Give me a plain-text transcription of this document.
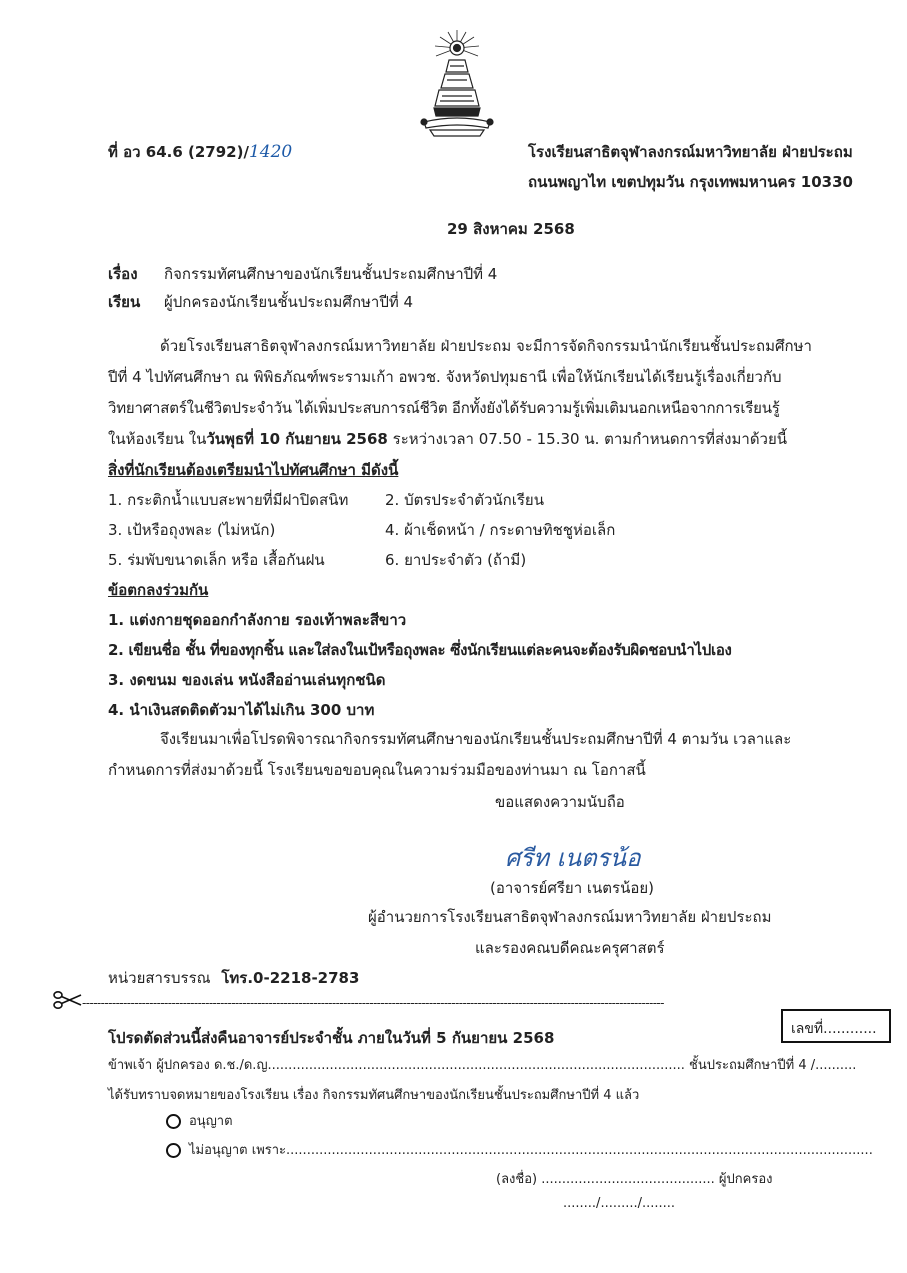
ที่ อว 64.6 (2792)/1420	โรงเรียนสาธิตจุฬาลงกรณ์มหาวิทยาลัย ฝ่ายประถม
ถนนพญาไท เขตปทุมวัน กรุงเทพมหานคร 10330
29 สิงหาคม 2568
เรื่อง กิจกรรมทัศนศึกษาของนักเรียนชั้นประถมศึกษาปีที่ 4
เรียน ผู้ปกครองนักเรียนชั้นประถมศึกษาปีที่ 4
ด้วยโรงเรียนสาธิตจุฬาลงกรณ์มหาวิทยาลัย ฝ่ายประถม จะมีการจัดกิจกรรมนำนักเรียนชั้นประถมศึกษา
ปีที่ 4 ไปทัศนศึกษา ณ พิพิธภัณฑ์พระรามเก้า อพวช. จังหวัดปทุมธานี เพื่อให้นักเรียนได้เรียนรู้เรื่องเกี่ยวกับ
วิทยาศาสตร์ในชีวิตประจำวัน ได้เพิ่มประสบการณ์ชีวิต อีกทั้งยังได้รับความรู้เพิ่มเติมนอกเหนือจากการเรียนรู้
ในห้องเรียน ในวันพุธที่ 10 กันยายน 2568 ระหว่างเวลา 07.50 - 15.30 น. ตามกำหนดการที่ส่งมาด้วยนี้
สิ่งที่นักเรียนต้องเตรียมนำไปทัศนศึกษา มีดังนี้
1. กระติกน้ำแบบสะพายที่มีฝาปิดสนิท 2. บัตรประจำตัวนักเรียน
3. เป้หรือถุงพละ (ไม่หนัก)	4. ผ้าเช็ดหน้า / กระดาษทิชชูห่อเล็ก
5. ร่มพับขนาดเล็ก หรือ เสื้อกันฝน	6. ยาประจำตัว (ถ้ามี)
ข้อตกลงร่วมกัน
1. แต่งกายชุดออกกำลังกาย รองเท้าพละสีขาว
2. เขียนชื่อ ชั้น ที่ของทุกชิ้น และใส่ลงในเป้หรือถุงพละ ซึ่งนักเรียนแต่ละคนจะต้องรับผิดชอบนำไปเอง
3. งดขนม ของเล่น หนังสืออ่านเล่นทุกชนิด
4. นำเงินสดติดตัวมาได้ไม่เกิน 300 บาท
จึงเรียนมาเพื่อโปรดพิจารณากิจกรรมทัศนศึกษาของนักเรียนชั้นประถมศึกษาปีที่ 4 ตามวัน เวลาและ
กำหนดการที่ส่งมาด้วยนี้ โรงเรียนขอขอบคุณในความร่วมมือของท่านมา ณ โอกาสนี้
ขอแสดงความนับถือ
ศรีท เนตรน้อ
(อาจารย์ศรียา เนตรน้อย)
ผู้อำนวยการโรงเรียนสาธิตจุฬาลงกรณ์มหาวิทยาลัย ฝ่ายประถม
และรองคณบดีคณะครุศาสตร์
หน่วยสารบรรณ โทร.0-2218-2783
------------------------------------------------------------------------------------------------------------------------------------------------------------
โปรดตัดส่วนนี้ส่งคืนอาจารย์ประจำชั้น ภายในวันที่ 5 กันยายน 2568	เลขที่............
ข้าพเจ้า ผู้ปกครอง ด.ช./ด.ญ..................................................................................................... ชั้นประถมศึกษาปีที่ 4 /..........
ได้รับทราบจดหมายของโรงเรียน เรื่อง กิจกรรมทัศนศึกษาของนักเรียนชั้นประถมศึกษาปีที่ 4 แล้ว
อนุญาต
ไม่อนุญาต เพราะ..............................................................................................................................................
(ลงชื่อ) .......................................... ผู้ปกครอง
......../........./........
